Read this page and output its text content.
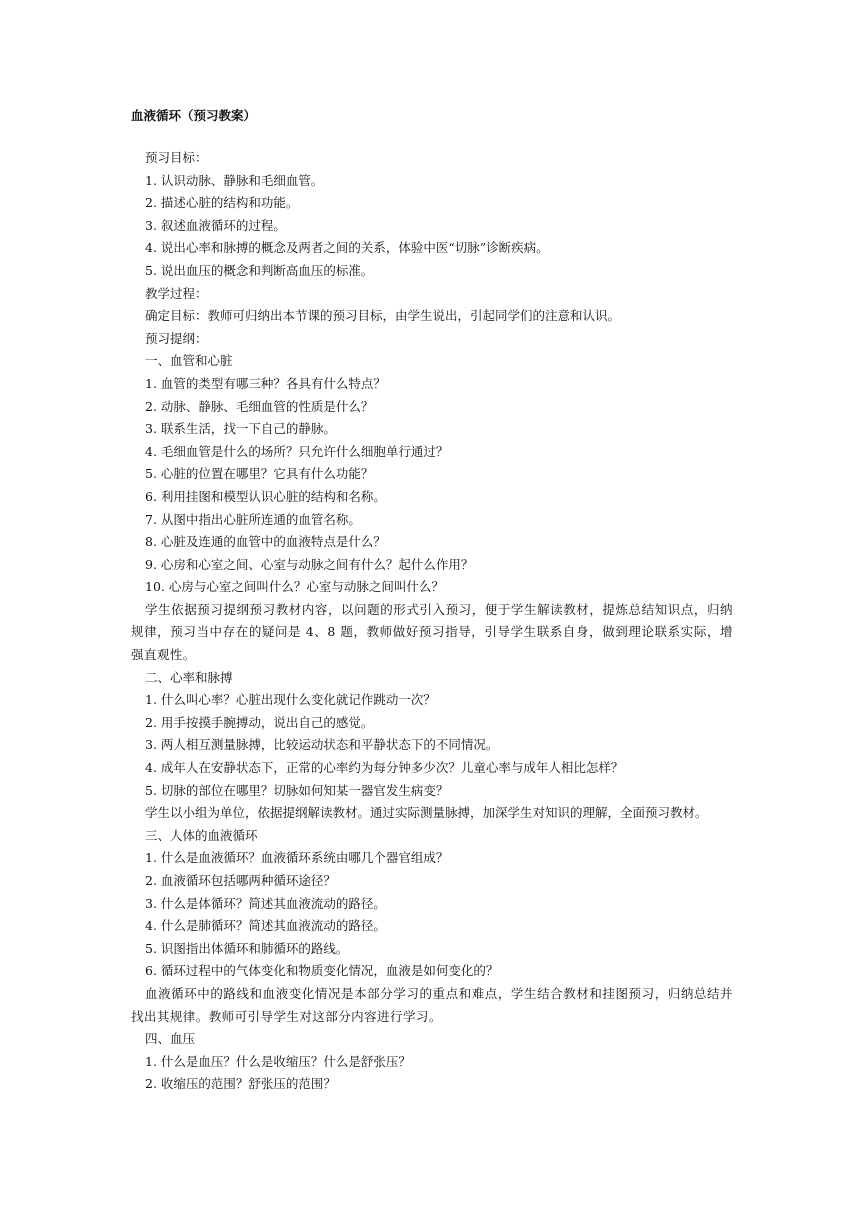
血液循环（预习教案）
预习目标：
1. 认识动脉、静脉和毛细血管。
2. 描述心脏的结构和功能。
3. 叙述血液循环的过程。
4. 说出心率和脉搏的概念及两者之间的关系，体验中医“切脉”诊断疾病。
5. 说出血压的概念和判断高血压的标准。
教学过程：
确定目标：教师可归纳出本节课的预习目标，由学生说出，引起同学们的注意和认识。
预习提纲：
一、血管和心脏
1. 血管的类型有哪三种？各具有什么特点？
2. 动脉、静脉、毛细血管的性质是什么？
3. 联系生活，找一下自己的静脉。
4. 毛细血管是什么的场所？只允许什么细胞单行通过？
5. 心脏的位置在哪里？它具有什么功能？
6. 利用挂图和模型认识心脏的结构和名称。
7. 从图中指出心脏所连通的血管名称。
8. 心脏及连通的血管中的血液特点是什么？
9. 心房和心室之间、心室与动脉之间有什么？起什么作用？
10. 心房与心室之间叫什么？心室与动脉之间叫什么？
学生依据预习提纲预习教材内容，以问题的形式引入预习，便于学生解读教材，提炼总结知识点，归纳规律，预习当中存在的疑问是 4、8 题，教师做好预习指导，引导学生联系自身，做到理论联系实际，增强直观性。
二、心率和脉搏
1. 什么叫心率？心脏出现什么变化就记作跳动一次？
2. 用手按摸手腕搏动，说出自己的感觉。
3. 两人相互测量脉搏，比较运动状态和平静状态下的不同情况。
4. 成年人在安静状态下，正常的心率约为每分钟多少次？儿童心率与成年人相比怎样？
5. 切脉的部位在哪里？切脉如何知某一器官发生病变？
学生以小组为单位，依据提纲解读教材。通过实际测量脉搏，加深学生对知识的理解，全面预习教材。
三、人体的血液循环
1. 什么是血液循环？血液循环系统由哪几个器官组成？
2. 血液循环包括哪两种循环途径？
3. 什么是体循环？简述其血液流动的路径。
4. 什么是肺循环？简述其血液流动的路径。
5. 识图指出体循环和肺循环的路线。
6. 循环过程中的气体变化和物质变化情况，血液是如何变化的？
血液循环中的路线和血液变化情况是本部分学习的重点和难点，学生结合教材和挂图预习，归纳总结并找出其规律。教师可引导学生对这部分内容进行学习。
四、血压
1. 什么是血压？什么是收缩压？什么是舒张压？
2. 收缩压的范围？舒张压的范围？
